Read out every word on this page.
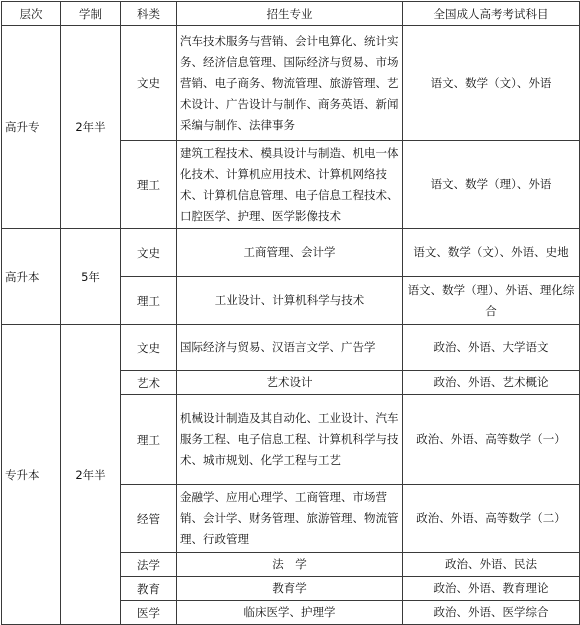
层次	学制	科类	招生专业	全国成人高考考试科目
高升专	2年半	文史	汽车技术服务与营销、会计电算化、统计实务、经济信息管理、国际经济与贸易、市场营销、电子商务、物流管理、旅游管理、艺术设计、广告设计与制作、商务英语、新闻采编与制作、法律事务	语文、数学（文）、外语
		理工	建筑工程技术、模具设计与制造、机电一体化技术、计算机应用技术、计算机网络技术、计算机信息管理、电子信息工程技术、口腔医学、护理、医学影像技术	语文、数学（理）、外语
高升本	5年	文史	工商管理、会计学	语文、数学（文）、外语、史地
		理工	工业设计、计算机科学与技术	语文、数学（理）、外语、理化综合
专升本	2年半	文史	国际经济与贸易、汉语言文学、广告学	政治、外语、大学语文
		艺术	艺术设计	政治、外语、艺术概论
		理工	机械设计制造及其自动化、工业设计、汽车服务工程、电子信息工程、计算机科学与技术、城市规划、化学工程与工艺	政治、外语、高等数学（一）
		经管	金融学、应用心理学、工商管理、市场营销、会计学、财务管理、旅游管理、物流管理、行政管理	政治、外语、高等数学（二）
		法学	法　学	政治、外语、民法
		教育	教育学	政治、外语、教育理论
		医学	临床医学、护理学	政治、外语、医学综合
